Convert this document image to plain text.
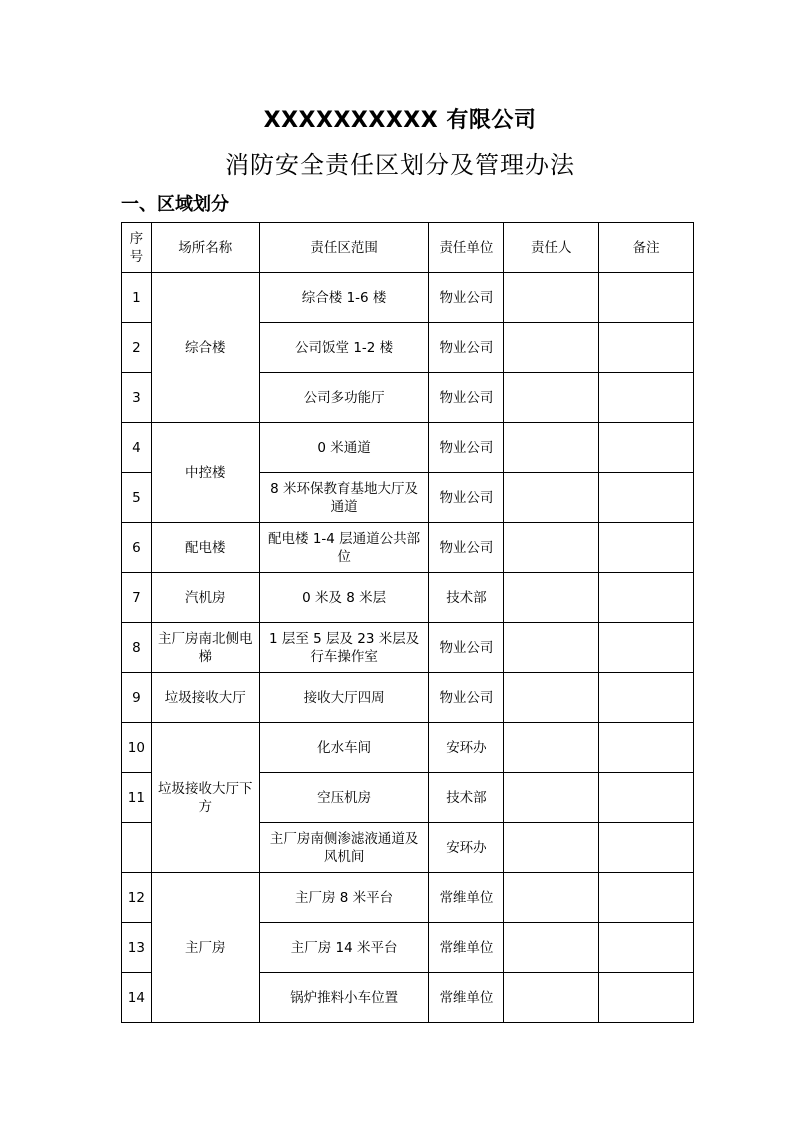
XXXXXXXXXX 有限公司
消防安全责任区划分及管理办法
一、区域划分
序号	场所名称	责任区范围	责任单位	责任人	备注
1	综合楼	综合楼 1-6 楼	物业公司		
2		公司饭堂 1-2 楼	物业公司		
3		公司多功能厅	物业公司		
4	中控楼	0 米通道	物业公司		
5		8 米环保教育基地大厅及通道	物业公司		
6	配电楼	配电楼 1-4 层通道公共部位	物业公司		
7	汽机房	0 米及 8 米层	技术部		
8	主厂房南北侧电梯	1 层至 5 层及 23 米层及行车操作室	物业公司		
9	垃圾接收大厅	接收大厅四周	物业公司		
10	垃圾接收大厅下方	化水车间	安环办		
11		空压机房	技术部		
		主厂房南侧渗滤液通道及风机间	安环办		
12	主厂房	主厂房 8 米平台	常维单位		
13		主厂房 14 米平台	常维单位		
14		锅炉推料小车位置	常维单位		
